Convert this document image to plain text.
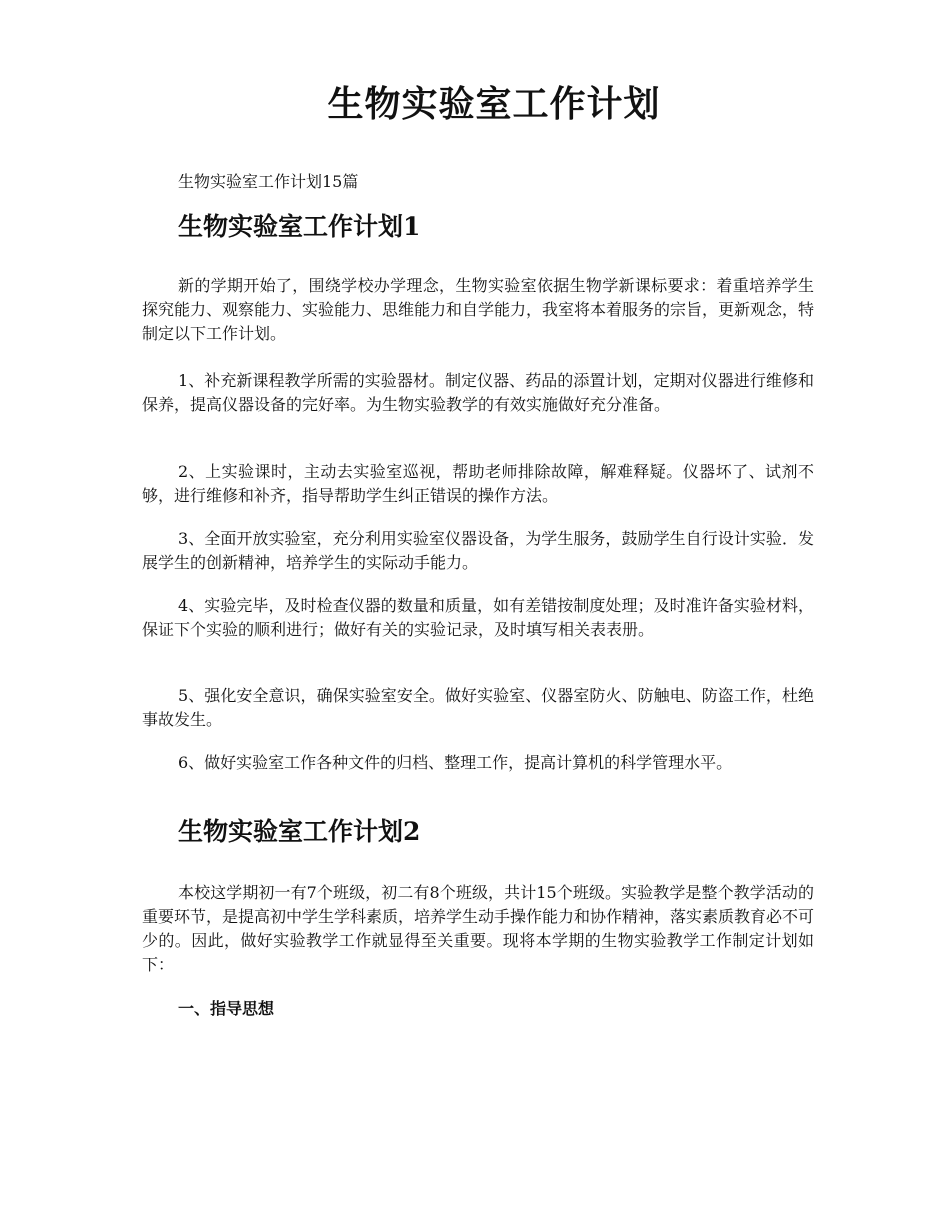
生物实验室工作计划
生物实验室工作计划15篇
生物实验室工作计划1

新的学期开始了，围绕学校办学理念，生物实验室依据生物学新课标要求：着重培养学生探究能力、观察能力、实验能力、思维能力和自学能力，我室将本着服务的宗旨，更新观念，特制定以下工作计划。

1、补充新课程教学所需的实验器材。制定仪器、药品的添置计划，定期对仪器进行维修和保养，提高仪器设备的完好率。为生物实验教学的有效实施做好充分准备。

2、上实验课时，主动去实验室巡视，帮助老师排除故障，解难释疑。仪器坏了、试剂不够，进行维修和补齐，指导帮助学生纠正错误的操作方法。

3、全面开放实验室，充分利用实验室仪器设备，为学生服务，鼓励学生自行设计实验．发展学生的创新精神，培养学生的实际动手能力。

4、实验完毕，及时检查仪器的数量和质量，如有差错按制度处理；及时准许备实验材料，保证下个实验的顺利进行；做好有关的实验记录，及时填写相关表表册。

5、强化安全意识，确保实验室安全。做好实验室、仪器室防火、防触电、防盗工作，杜绝事故发生。

6、做好实验室工作各种文件的归档、整理工作，提高计算机的科学管理水平。

生物实验室工作计划2

本校这学期初一有7个班级，初二有8个班级，共计15个班级。实验教学是整个教学活动的重要环节，是提高初中学生学科素质，培养学生动手操作能力和协作精神，落实素质教育必不可少的。因此，做好实验教学工作就显得至关重要。现将本学期的生物实验教学工作制定计划如下：

一、指导思想
